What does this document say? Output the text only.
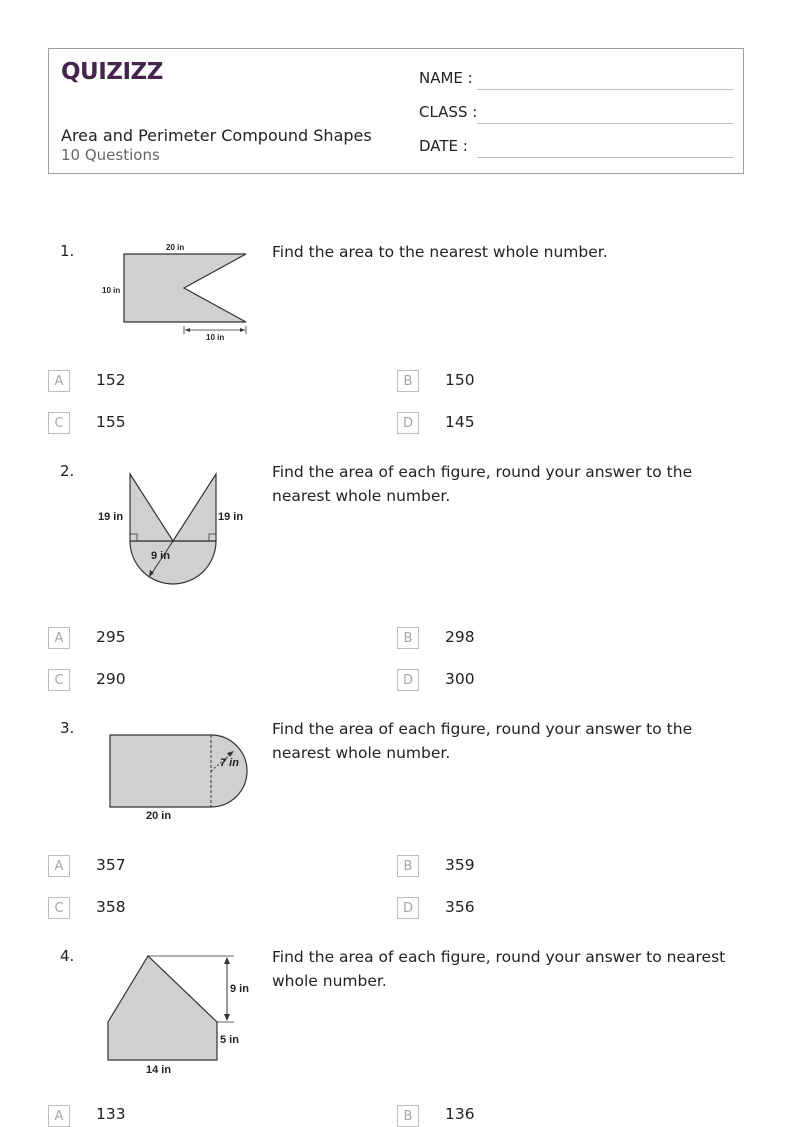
QUIZIZZ
Area and Perimeter Compound Shapes
10 Questions
NAME :
CLASS :
DATE :
1.	Find the area to the nearest whole number.
20 in
10 in
10 in
A	152	B	150
C	155	D	145
2.	Find the area of each figure, round your answer to the nearest whole number.
19 in	19 in
9 in
A	295	B	298
C	290	D	300
3.	Find the area of each figure, round your answer to the nearest whole number.
7 in
20 in
A	357	B	359
C	358	D	356
4.	Find the area of each figure, round your answer to nearest whole number.
9 in
5 in
14 in
A	133	B	136
